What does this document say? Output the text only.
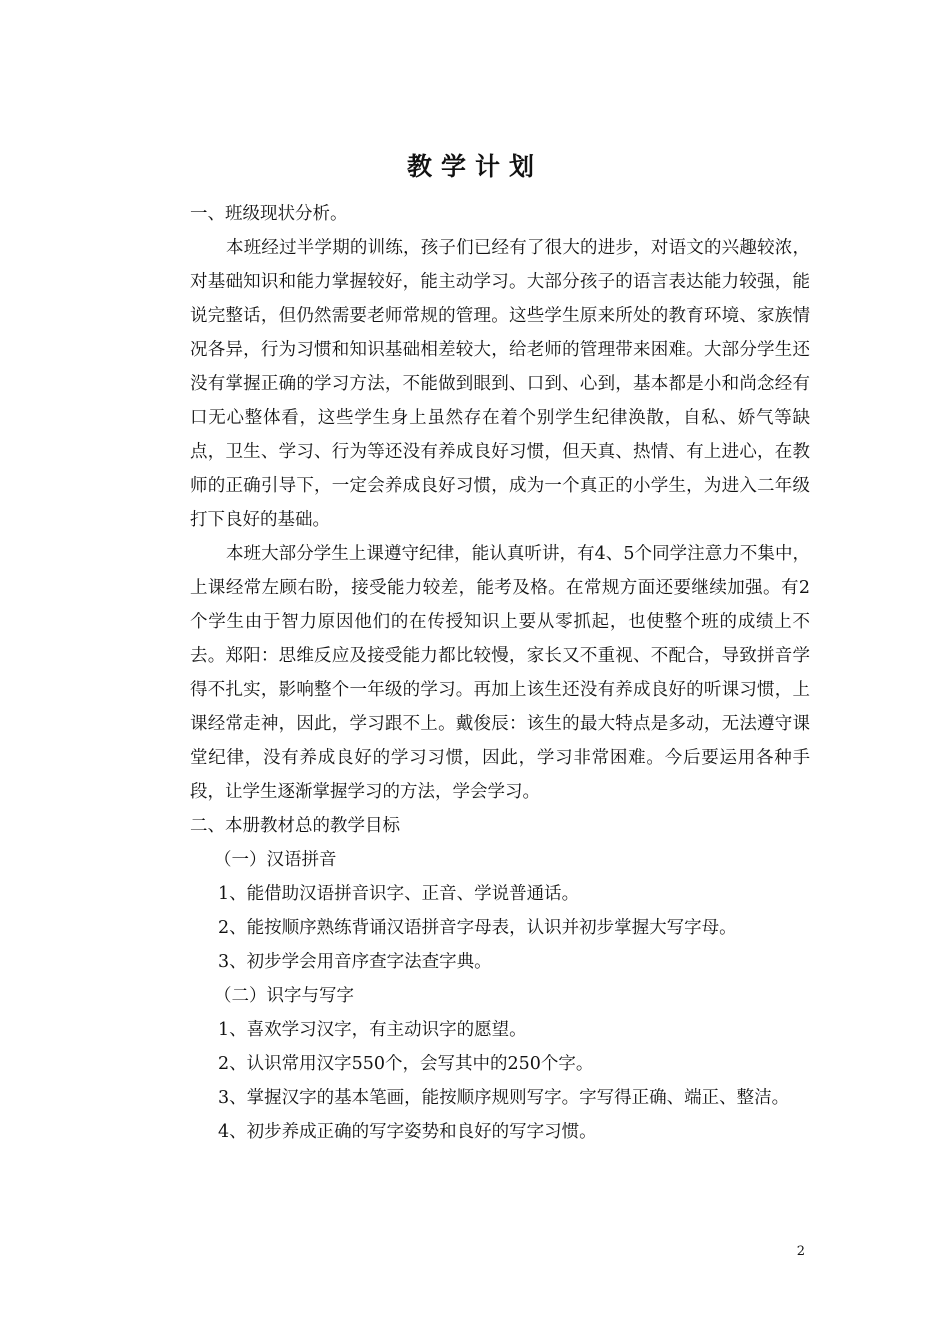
教学计划

一、班级现状分析。

本班经过半学期的训练，孩子们已经有了很大的进步，对语文的兴趣较浓，对基础知识和能力掌握较好，能主动学习。大部分孩子的语言表达能力较强，能说完整话，但仍然需要老师常规的管理。这些学生原来所处的教育环境、家族情况各异，行为习惯和知识基础相差较大，给老师的管理带来困难。大部分学生还没有掌握正确的学习方法，不能做到眼到、口到、心到，基本都是小和尚念经有口无心整体看，这些学生身上虽然存在着个别学生纪律涣散，自私、娇气等缺点，卫生、学习、行为等还没有养成良好习惯，但天真、热情、有上进心，在教师的正确引导下，一定会养成良好习惯，成为一个真正的小学生，为进入二年级打下良好的基础。

本班大部分学生上课遵守纪律，能认真听讲，有4、5个同学注意力不集中，上课经常左顾右盼，接受能力较差，能考及格。在常规方面还要继续加强。有2个学生由于智力原因他们的在传授知识上要从零抓起，也使整个班的成绩上不去。郑阳：思维反应及接受能力都比较慢，家长又不重视、不配合，导致拼音学得不扎实，影响整个一年级的学习。再加上该生还没有养成良好的听课习惯，上课经常走神，因此，学习跟不上。戴俊辰：该生的最大特点是多动，无法遵守课堂纪律，没有养成良好的学习习惯，因此，学习非常困难。今后要运用各种手段，让学生逐渐掌握学习的方法，学会学习。

二、本册教材总的教学目标

（一）汉语拼音

1、能借助汉语拼音识字、正音、学说普通话。

2、能按顺序熟练背诵汉语拼音字母表，认识并初步掌握大写字母。

3、初步学会用音序查字法查字典。

（二）识字与写字

1、喜欢学习汉字，有主动识字的愿望。

2、认识常用汉字550个，会写其中的250个字。

3、掌握汉字的基本笔画，能按顺序规则写字。字写得正确、端正、整洁。

4、初步养成正确的写字姿势和良好的写字习惯。

2
